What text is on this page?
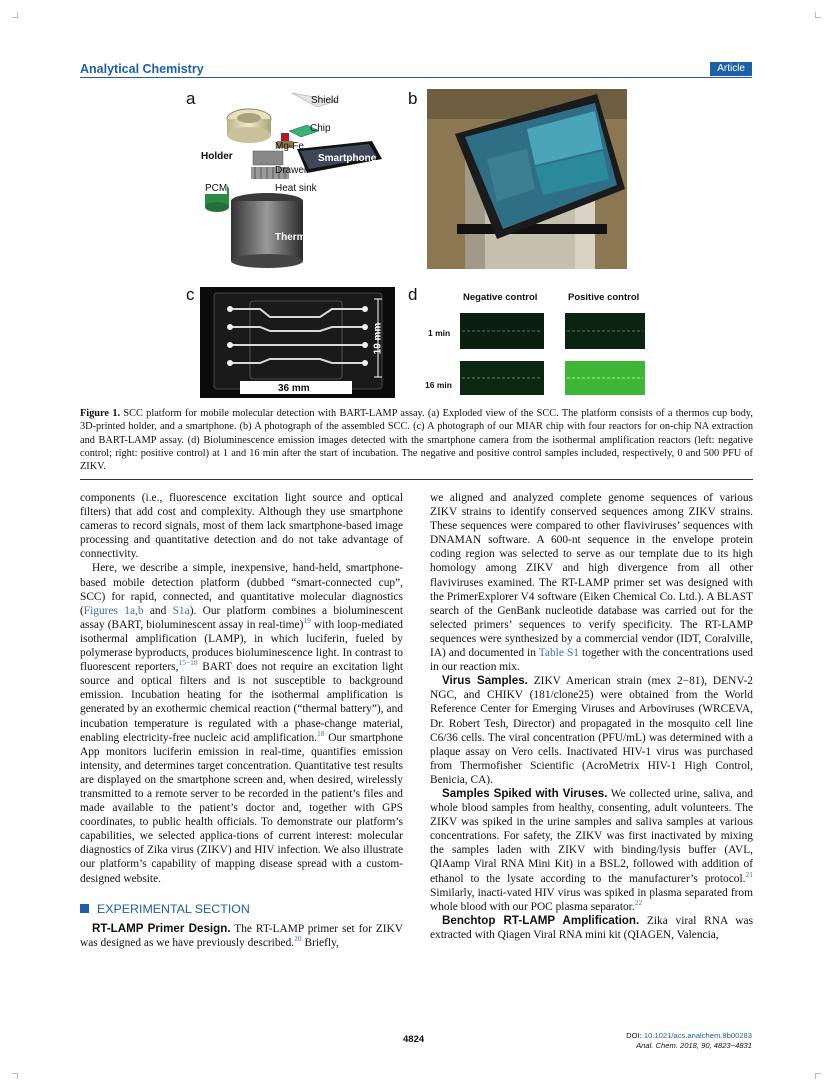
Analytical Chemistry	Article
a	b
c	d
Shield
Chip
Mg-Fe
Holder	Smartphone
Drawer
PCM	Heat sink
Thermos cup body
19 mm
36 mm
Negative control	Positive control
1 min
16 min
Figure 1. SCC platform for mobile molecular detection with BART-LAMP assay. (a) Exploded view of the SCC. The platform consists of a thermos cup body, 3D-printed holder, and a smartphone. (b) A photograph of the assembled SCC. (c) A photograph of our MIAR chip with four reactors for on-chip NA extraction and BART-LAMP assay. (d) Bioluminescence emission images detected with the smartphone camera from the isothermal amplification reactors (left: negative control; right: positive control) at 1 and 16 min after the start of incubation. The negative and positive control samples included, respectively, 0 and 500 PFU of ZIKV.

components (i.e., fluorescence excitation light source and optical filters) that add cost and complexity. Although they use smartphone cameras to record signals, most of them lack smartphone-based image processing and quantitative detection and do not take advantage of connectivity.

Here, we describe a simple, inexpensive, hand-held, smartphone-based mobile detection platform (dubbed “smart-connected cup”, SCC) for rapid, connected, and quantitative molecular diagnostics (Figures 1a,b and S1a). Our platform combines a bioluminescent assay (BART, bioluminescent assay in real-time)$^{19}$ with loop-mediated isothermal amplification (LAMP), in which luciferin, fueled by polymerase byproducts, produces bioluminescence light. In contrast to fluorescent reporters,$^{15-18}$ BART does not require an excitation light source and optical filters and is not susceptible to background emission. Incubation heating for the isothermal amplification is generated by an exothermic chemical reaction (“thermal battery”), and incubation temperature is regulated with a phase-change material, enabling electricity-free nucleic acid amplification.$^{18}$ Our smartphone App monitors luciferin emission in real-time, quantifies emission intensity, and determines target concentration. Quantitative test results are displayed on the smartphone screen and, when desired, wirelessly transmitted to a remote server to be recorded in the patient’s files and made available to the patient’s doctor and, together with GPS coordinates, to public health officials. To demonstrate our platform’s capabilities, we selected applica-tions of current interest: molecular diagnostics of Zika virus (ZIKV) and HIV infection. We also illustrate our platform’s capability of mapping disease spread with a custom-designed website.

EXPERIMENTAL SECTION

RT-LAMP Primer Design. The RT-LAMP primer set for ZIKV was designed as we have previously described.$^{20}$ Briefly,

we aligned and analyzed complete genome sequences of various ZIKV strains to identify conserved sequences among ZIKV strains. These sequences were compared to other flaviviruses’ sequences with DNAMAN software. A 600-nt sequence in the envelope protein coding region was selected to serve as our template due to its high homology among ZIKV and high divergence from all other flaviviruses examined. The RT-LAMP primer set was designed with the PrimerExplorer V4 software (Eiken Chemical Co. Ltd.). A BLAST search of the GenBank nucleotide database was carried out for the selected primers’ sequences to verify specificity. The RT-LAMP sequences were synthesized by a commercial vendor (IDT, Coralville, IA) and documented in Table S1 together with the concentrations used in our reaction mix.

Virus Samples. ZIKV American strain (mex 2−81), DENV-2 NGC, and CHIKV (181/clone25) were obtained from the World Reference Center for Emerging Viruses and Arboviruses (WRCEVA, Dr. Robert Tesh, Director) and propagated in the mosquito cell line C6/36 cells. The viral concentration (PFU/mL) was determined with a plaque assay on Vero cells. Inactivated HIV-1 virus was purchased from Thermofisher Scientific (AcroMetrix HIV-1 High Control, Benicia, CA).

Samples Spiked with Viruses. We collected urine, saliva, and whole blood samples from healthy, consenting, adult volunteers. The ZIKV was spiked in the urine samples and saliva samples at various concentrations. For safety, the ZIKV was first inactivated by mixing the samples laden with ZIKV with binding/lysis buffer (AVL, QIAamp Viral RNA Mini Kit) in a BSL2, followed with addition of ethanol to the lysate according to the manufacturer’s protocol.$^{21}$ Similarly, inacti-vated HIV virus was spiked in plasma separated from whole blood with our POC plasma separator.$^{22}$

Benchtop RT-LAMP Amplification. Zika viral RNA was extracted with Qiagen Viral RNA mini kit (QIAGEN, Valencia,

4824	DOI: 10.1021/acs.analchem.8b00283
Anal. Chem. 2018, 90, 4823−4831
